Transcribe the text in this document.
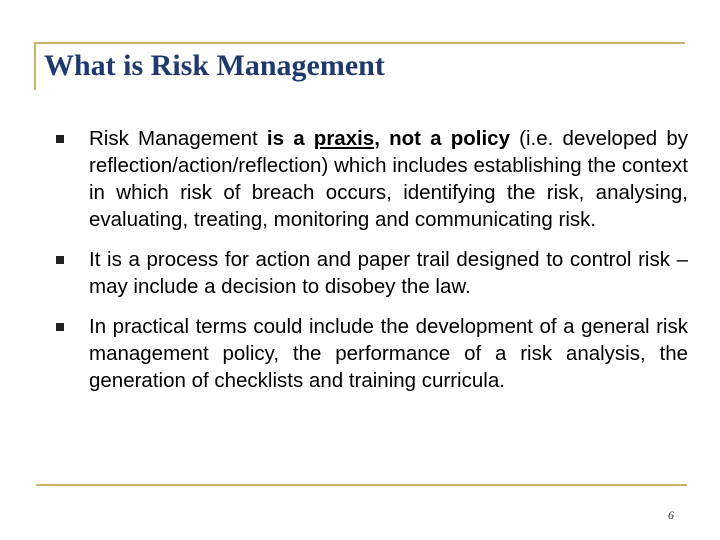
What is Risk Management
Risk Management is a praxis, not a policy (i.e. developed by reflection/action/reflection) which includes establishing the context in which risk of breach occurs, identifying the risk, analysing, evaluating, treating, monitoring and communicating risk.
It is a process for action and paper trail designed to control risk – may include a decision to disobey the law.
In practical terms could include the development of a general risk management policy, the performance of a risk analysis, the generation of checklists and training curricula.
6
